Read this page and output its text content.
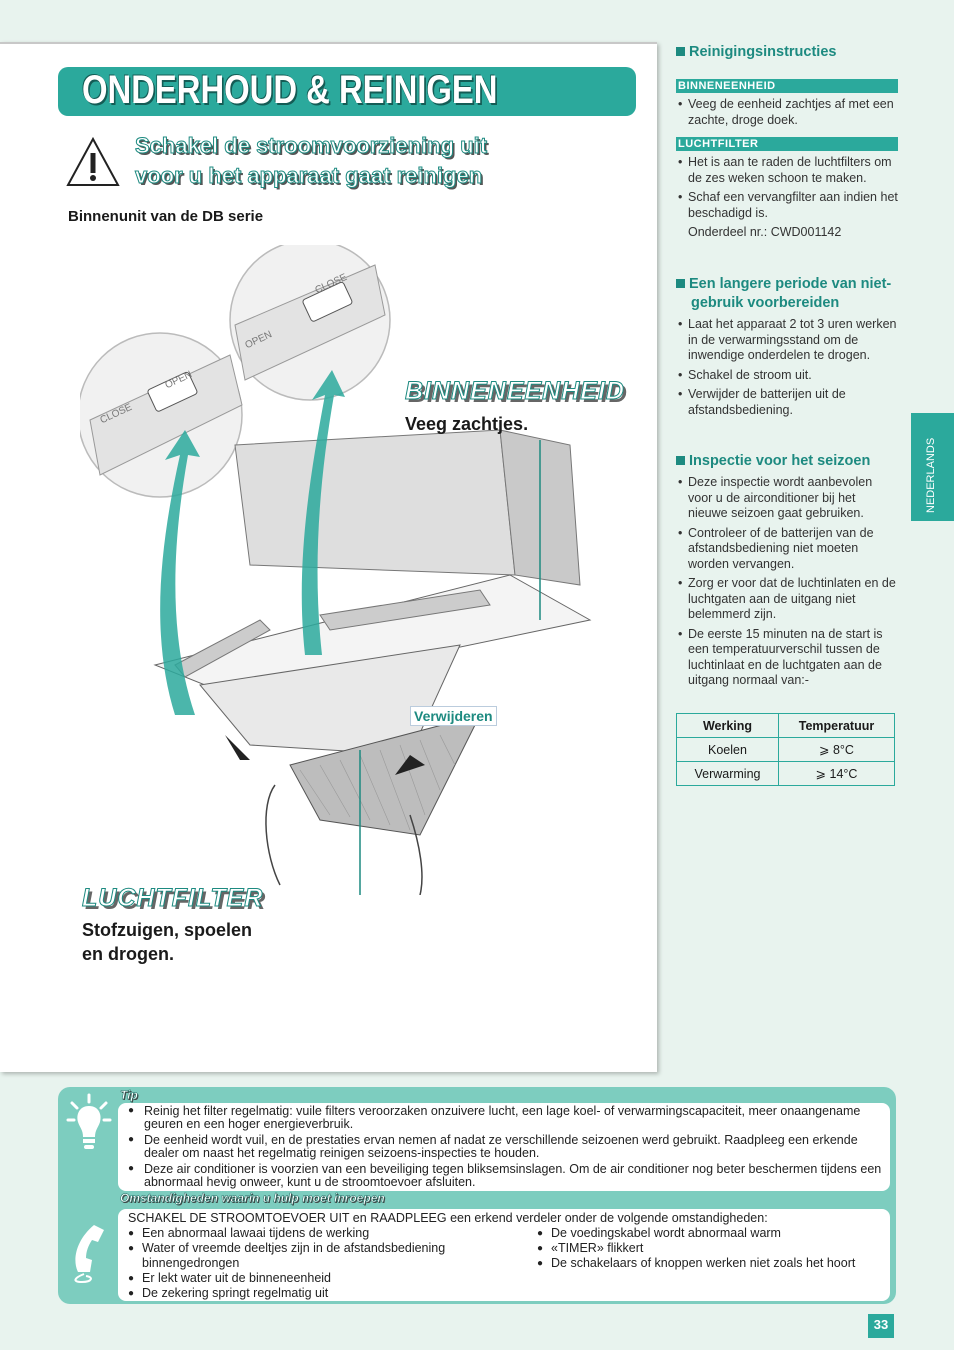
ONDERHOUD & REINIGEN
Schakel de stroomvoorziening uit
voor u het apparaat gaat reinigen
Binnenunit van de DB serie
CLOSE
OPEN
OPEN
CLOSE
BINNENEENHEID
Veeg zachtjes.
Verwijderen
LUCHTFILTER
Stofzuigen, spoelen
en drogen.
Reinigingsinstructies
BINNENEENHEID
• Veeg de eenheid zachtjes af met een zachte, droge doek.
LUCHTFILTER
• Het is aan te raden de luchtfilters om de zes weken schoon te maken.
• Schaf een vervangfilter aan indien het beschadigd is.
Onderdeel nr.: CWD001142
Een langere periode van niet-gebruik voorbereiden
• Laat het apparaat 2 tot 3 uren werken in de verwarmingsstand om de inwendige onderdelen te drogen.
• Schakel de stroom uit.
• Verwijder de batterijen uit de afstandsbediening.
Inspectie voor het seizoen
• Deze inspectie wordt aanbevolen voor u de airconditioner bij het nieuwe seizoen gaat gebruiken.
• Controleer of de batterijen van de afstandsbediening niet moeten worden vervangen.
• Zorg er voor dat de luchtinlaten en de luchtgaten aan de uitgang niet belemmerd zijn.
• De eerste 15 minuten na de start is een temperatuurverschil tussen de luchtinlaat en de luchtgaten aan de uitgang normaal van:-
Werking	Temperatuur
Koelen	⩾ 8°C
Verwarming	⩾ 14°C
NEDERLANDS
Tip
● Reinig het filter regelmatig: vuile filters veroorzaken onzuivere lucht, een lage koel- of verwarmingscapaciteit, meer onaangename geuren en een hoger energieverbruik.
● De eenheid wordt vuil, en de prestaties ervan nemen af nadat ze verschillende seizoenen werd gebruikt. Raadpleeg een erkende dealer om naast het regelmatig reinigen seizoens-inspecties te houden.
● Deze air conditioner is voorzien van een beveiliging tegen bliksemsinslagen. Om de air conditioner nog beter beschermen tijdens een abnormaal hevig onweer, kunt u de stroomtoevoer afsluiten.
Omstandigheden waarin u hulp moet inroepen
SCHAKEL DE STROOMTOEVOER UIT en RAADPLEEG een erkend verdeler onder de volgende omstandigheden:
● Een abnormaal lawaai tijdens de werking
● Water of vreemde deeltjes zijn in de afstandsbediening binnengedrongen
● Er lekt water uit de binneneenheid
● De zekering springt regelmatig uit
● De voedingskabel wordt abnormaal warm
● «TIMER» flikkert
● De schakelaars of knoppen werken niet zoals het hoort
33
